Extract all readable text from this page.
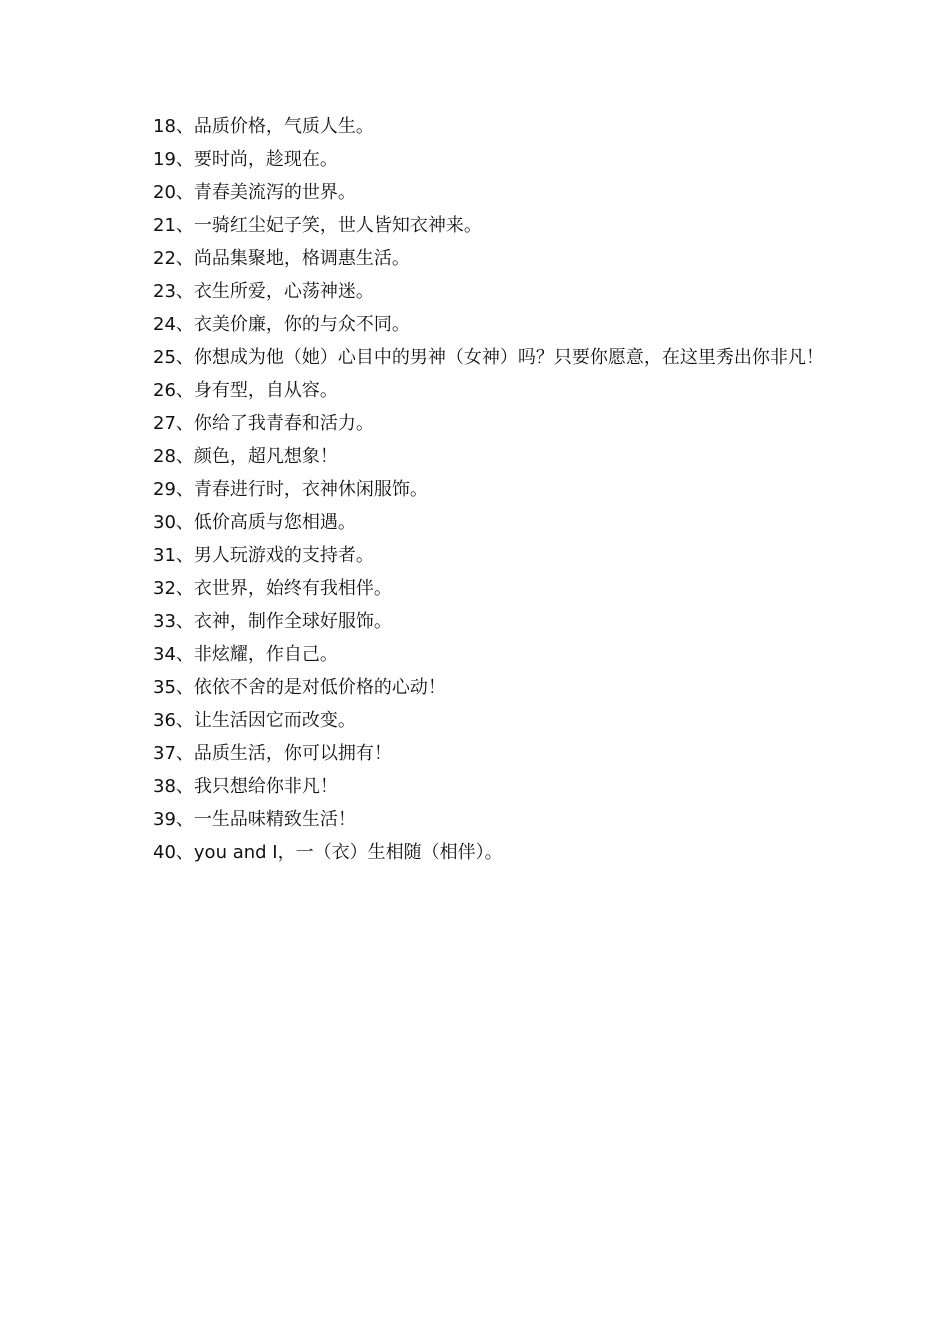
18、品质价格，气质人生。
19、要时尚，趁现在。
20、青春美流泻的世界。
21、一骑红尘妃子笑，世人皆知衣神来。
22、尚品集聚地，格调惠生活。
23、衣生所爱，心荡神迷。
24、衣美价廉，你的与众不同。
25、你想成为他（她）心目中的男神（女神）吗？只要你愿意，在这里秀出你非凡！
26、身有型，自从容。
27、你给了我青春和活力。
28、颜色，超凡想象！
29、青春进行时，衣神休闲服饰。
30、低价高质与您相遇。
31、男人玩游戏的支持者。
32、衣世界，始终有我相伴。
33、衣神，制作全球好服饰。
34、非炫耀，作自己。
35、依依不舍的是对低价格的心动！
36、让生活因它而改变。
37、品质生活，你可以拥有！
38、我只想给你非凡！
39、一生品味精致生活！
40、you and I，一（衣）生相随（相伴）。
